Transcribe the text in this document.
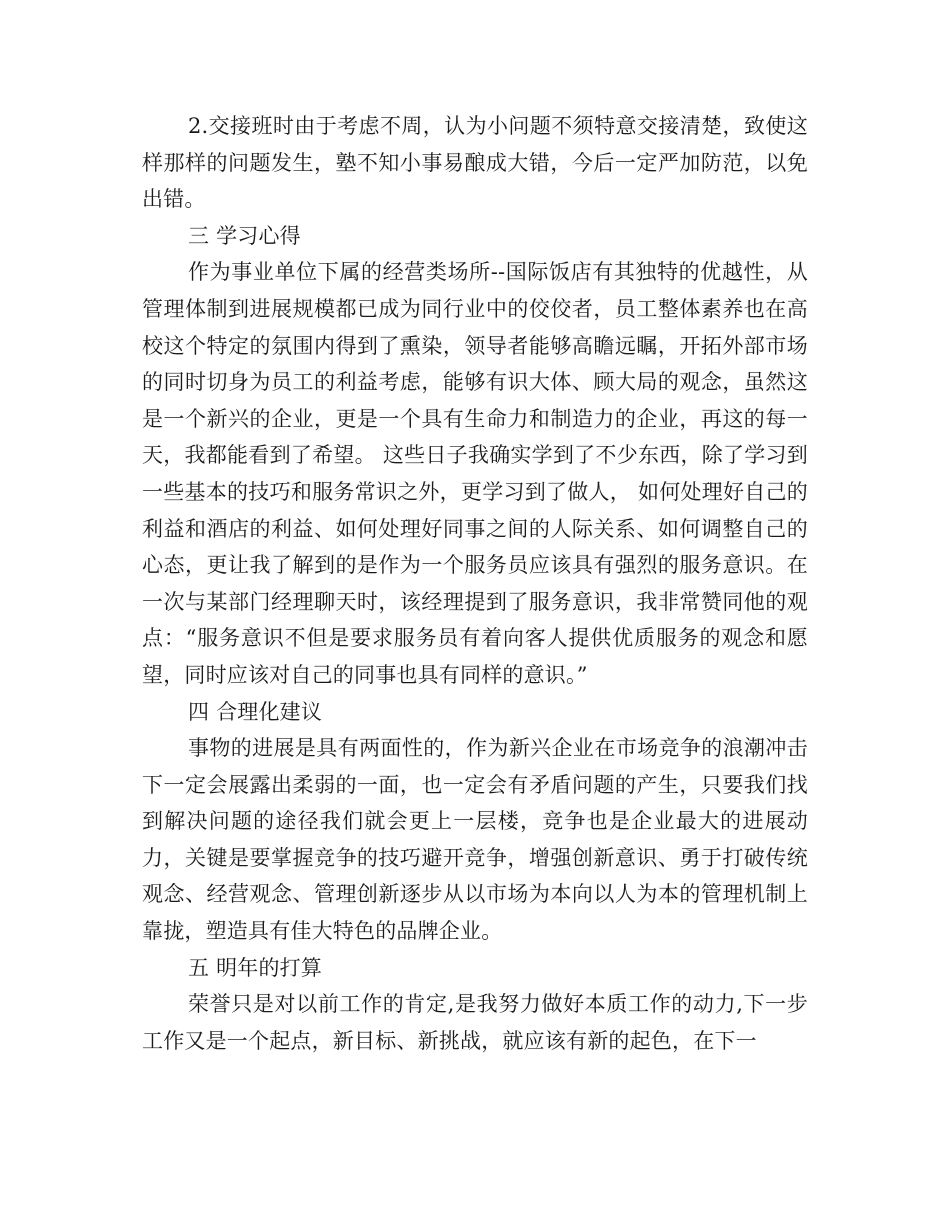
2.交接班时由于考虑不周，认为小问题不须特意交接清楚，致使这样那样的问题发生，塾不知小事易酿成大错，今后一定严加防范，以免出错。

三 学习心得

作为事业单位下属的经营类场所--国际饭店有其独特的优越性，从管理体制到进展规模都已成为同行业中的佼佼者，员工整体素养也在高校这个特定的氛围内得到了熏染，领导者能够高瞻远瞩，开拓外部市场的同时切身为员工的利益考虑，能够有识大体、顾大局的观念，虽然这是一个新兴的企业，更是一个具有生命力和制造力的企业，再这的每一天，我都能看到了希望。 这些日子我确实学到了不少东西，除了学习到一些基本的技巧和服务常识之外，更学习到了做人， 如何处理好自己的利益和酒店的利益、如何处理好同事之间的人际关系、如何调整自己的心态，更让我了解到的是作为一个服务员应该具有强烈的服务意识。在一次与某部门经理聊天时，该经理提到了服务意识，我非常赞同他的观点：“服务意识不但是要求服务员有着向客人提供优质服务的观念和愿望，同时应该对自己的同事也具有同样的意识。”

四 合理化建议

事物的进展是具有两面性的，作为新兴企业在市场竞争的浪潮冲击下一定会展露出柔弱的一面，也一定会有矛盾问题的产生，只要我们找到解决问题的途径我们就会更上一层楼，竞争也是企业最大的进展动力，关键是要掌握竞争的技巧避开竞争，增强创新意识、勇于打破传统观念、经营观念、管理创新逐步从以市场为本向以人为本的管理机制上靠拢，塑造具有佳大特色的品牌企业。

五 明年的打算

荣誉只是对以前工作的肯定,是我努力做好本质工作的动力,下一步工作又是一个起点，新目标、新挑战，就应该有新的起色，在下一
